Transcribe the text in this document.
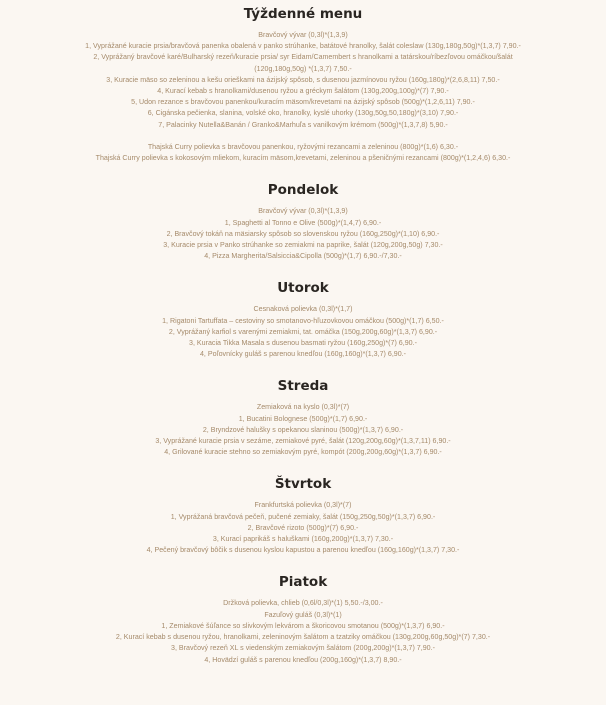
Týždenné menu
Bravčový vývar (0,3l)*(1,3,9)
1, Vyprážané kuracie prsia/bravčová panenka obalená v panko strúhanke, batátové hranolky, šalát coleslaw (130g,180g,50g)*(1,3,7) 7,90.-
2, Vyprážaný bravčové karé/Bulharský rezeň/kuracie prsia/ syr Eidam/Camembert s hranolkami a tatárskou/ríbezľovou omáčkou/šalát (120g,180g,50g) *(1,3,7) 7,50.-
3, Kuracie mäso so zeleninou a kešu orieškami na ázijský spôsob, s dusenou jazmínovou ryžou (160g,180g)*(2,6,8,11) 7,50.-
4, Kurací kebab s hranolkami/dusenou ryžou a gréckym šalátom (130g,200g,100g)*(7) 7,90.-
5, Udon rezance s bravčovou panenkou/kuracím mäsom/krevetami na ázijský spôsob (500g)*(1,2,6,11) 7,90.-
6, Cigánska pečienka, slanina, volské oko, hranolky, kyslé uhorky (130g,50g,50,180g)*(3,10) 7,90.-
7, Palacinky Nutella&Banán / Granko&Marhuľa s vanilkovým krémom (500g)*(1,3,7,8) 5,90.-
Thajská Curry polievka s bravčovou panenkou, ryžovými rezancami a zeleninou (800g)*(1,6) 6,30.-
Thajská Curry polievka s kokosovým mliekom, kuracím mäsom,krevetami, zeleninou a pšeničnými rezancami (800g)*(1,2,4,6) 6,30.-
Pondelok
Bravčový vývar (0,3l)*(1,3,9)
1, Spaghetti al Tonno e Olive (500g)*(1,4,7) 6,90.-
2, Bravčový tokáň na mäsiarsky spôsob so slovenskou ryžou (160g,250g)*(1,10) 6,90.-
3, Kuracie prsia v Panko strúhanke so zemiakmi na paprike, šalát (120g,200g,50g) 7,30.-
4, Pizza Margherita/Salsiccia&Cipolla (500g)*(1,7) 6,90.-/7,30.-
Utorok
Cesnaková polievka (0,3l)*(1,7)
1, Rigatoni Tartuffata – cestoviny so smotanovo-hľuzovkovou omáčkou (500g)*(1,7) 6,50.-
2, Vyprážaný karfiol s varenými zemiakmi, tat. omáčka (150g,200g,60g)*(1,3,7) 6,90.-
3, Kuracia Tikka Masala s dusenou basmati ryžou (160g,250g)*(7) 6,90.-
4, Poľovnícky guláš s parenou knedľou (160g,160g)*(1,3,7) 6,90.-
Streda
Zemiaková na kyslo (0,3l)*(7)
1, Bucatini Bolognese (500g)*(1,7) 6,90.-
2, Bryndzové halušky s opekanou slaninou (500g)*(1,3,7) 6,90.-
3, Vyprážané kuracie prsia v sezáme, zemiakové pyré, šalát (120g,200g,60g)*(1,3,7,11) 6,90.-
4, Grilované kuracie stehno so zemiakovým pyré, kompót (200g,200g,60g)*(1,3,7) 6,90.-
Štvrtok
Frankfurtská polievka (0,3l)*(7)
1, Vyprážaná bravčová pečeň, pučené zemiaky, šalát (150g,250g,50g)*(1,3,7) 6,90.-
2, Bravčové rizoto (500g)*(7) 6,90.-
3, Kurací paprikáš s haluškami (160g,200g)*(1,3,7) 7,30.-
4, Pečený bravčový bôčik s dusenou kyslou kapustou a parenou knedľou (160g,160g)*(1,3,7) 7,30.-
Piatok
Držková polievka, chlieb (0,6l/0,3l)*(1) 5,50.-/3,00.-
Fazuľový guláš (0,3l)*(1)
1, Zemiakové šúľance so slivkovým lekvárom a škoricovou smotanou (500g)*(1,3,7) 6,90.-
2, Kurací kebab s dusenou ryžou, hranolkami, zeleninovým šalátom a tzatziky omáčkou (130g,200g,60g,50g)*(7) 7,30.-
3, Bravčový rezeň XL s viedenským zemiakovým šalátom (200g,200g)*(1,3,7) 7,90.-
4, Hovädzí guláš s parenou knedľou (200g,160g)*(1,3,7) 8,90.-
